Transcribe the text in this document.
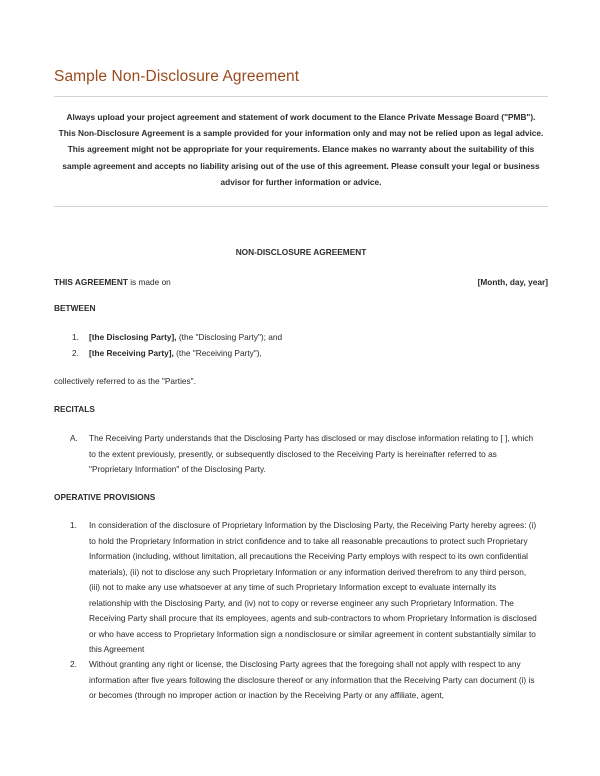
Sample Non-Disclosure Agreement

Always upload your project agreement and statement of work document to the Elance Private Message Board ("PMB").

This Non-Disclosure Agreement is a sample provided for your information only and may not be relied upon as legal advice. This agreement might not be appropriate for your requirements. Elance makes no warranty about the suitability of this sample agreement and accepts no liability arising out of the use of this agreement. Please consult your legal or business advisor for further information or advice.

NON-DISCLOSURE AGREEMENT
THIS AGREEMENT is made on	[Month, day, year]
BETWEEN
1. [the Disclosing Party], (the "Disclosing Party"); and
2. [the Receiving Party], (the "Receiving Party"),
collectively referred to as the "Parties".
RECITALS
A. The Receiving Party understands that the Disclosing Party has disclosed or may disclose information relating to [ ], which to the extent previously, presently, or subsequently disclosed to the Receiving Party is hereinafter referred to as "Proprietary Information" of the Disclosing Party.
OPERATIVE PROVISIONS
1. In consideration of the disclosure of Proprietary Information by the Disclosing Party, the Receiving Party hereby agrees: (i) to hold the Proprietary Information in strict confidence and to take all reasonable precautions to protect such Proprietary Information (including, without limitation, all precautions the Receiving Party employs with respect to its own confidential materials), (ii) not to disclose any such Proprietary Information or any information derived therefrom to any third person, (iii) not to make any use whatsoever at any time of such Proprietary Information except to evaluate internally its relationship with the Disclosing Party, and (iv) not to copy or reverse engineer any such Proprietary Information. The Receiving Party shall procure that its employees, agents and sub-contractors to whom Proprietary Information is disclosed or who have access to Proprietary Information sign a nondisclosure or similar agreement in content substantially similar to this Agreement
2. Without granting any right or license, the Disclosing Party agrees that the foregoing shall not apply with respect to any information after five years following the disclosure thereof or any information that the Receiving Party can document (i) is or becomes (through no improper action or inaction by the Receiving Party or any affiliate, agent,
